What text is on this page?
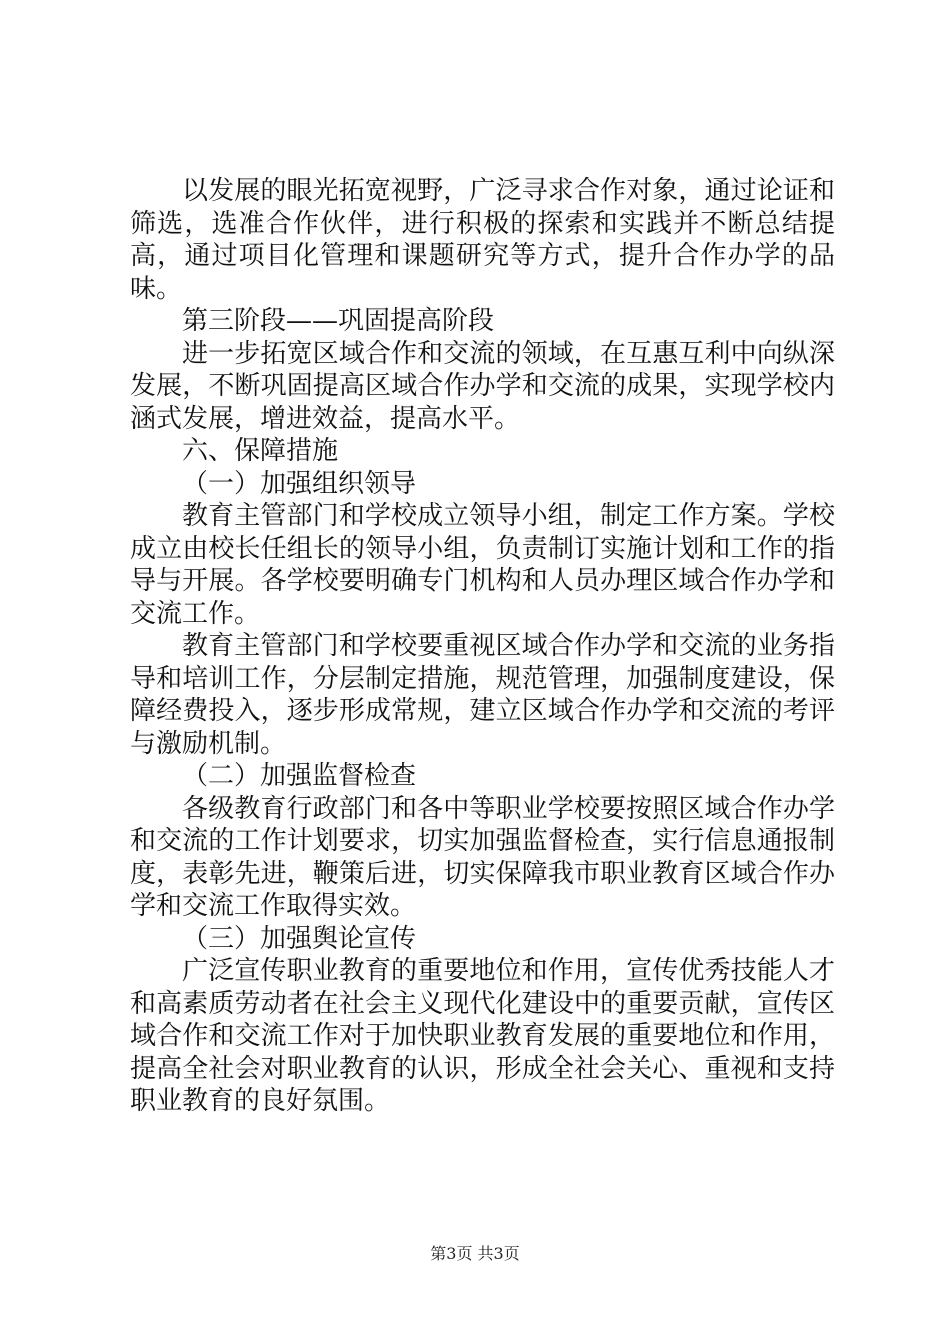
以发展的眼光拓宽视野，广泛寻求合作对象，通过论证和筛选，选准合作伙伴，进行积极的探索和实践并不断总结提高，通过项目化管理和课题研究等方式，提升合作办学的品味。

第三阶段——巩固提高阶段

进一步拓宽区域合作和交流的领域，在互惠互利中向纵深发展，不断巩固提高区域合作办学和交流的成果，实现学校内涵式发展，增进效益，提高水平。

六、保障措施

（一）加强组织领导

教育主管部门和学校成立领导小组，制定工作方案。学校成立由校长任组长的领导小组，负责制订实施计划和工作的指导与开展。各学校要明确专门机构和人员办理区域合作办学和交流工作。

教育主管部门和学校要重视区域合作办学和交流的业务指导和培训工作，分层制定措施，规范管理，加强制度建设，保障经费投入，逐步形成常规，建立区域合作办学和交流的考评与激励机制。

（二）加强监督检查

各级教育行政部门和各中等职业学校要按照区域合作办学和交流的工作计划要求，切实加强监督检查，实行信息通报制度，表彰先进，鞭策后进，切实保障我市职业教育区域合作办学和交流工作取得实效。

（三）加强舆论宣传

广泛宣传职业教育的重要地位和作用，宣传优秀技能人才和高素质劳动者在社会主义现代化建设中的重要贡献，宣传区域合作和交流工作对于加快职业教育发展的重要地位和作用，提高全社会对职业教育的认识，形成全社会关心、重视和支持职业教育的良好氛围。

第3页 共3页
